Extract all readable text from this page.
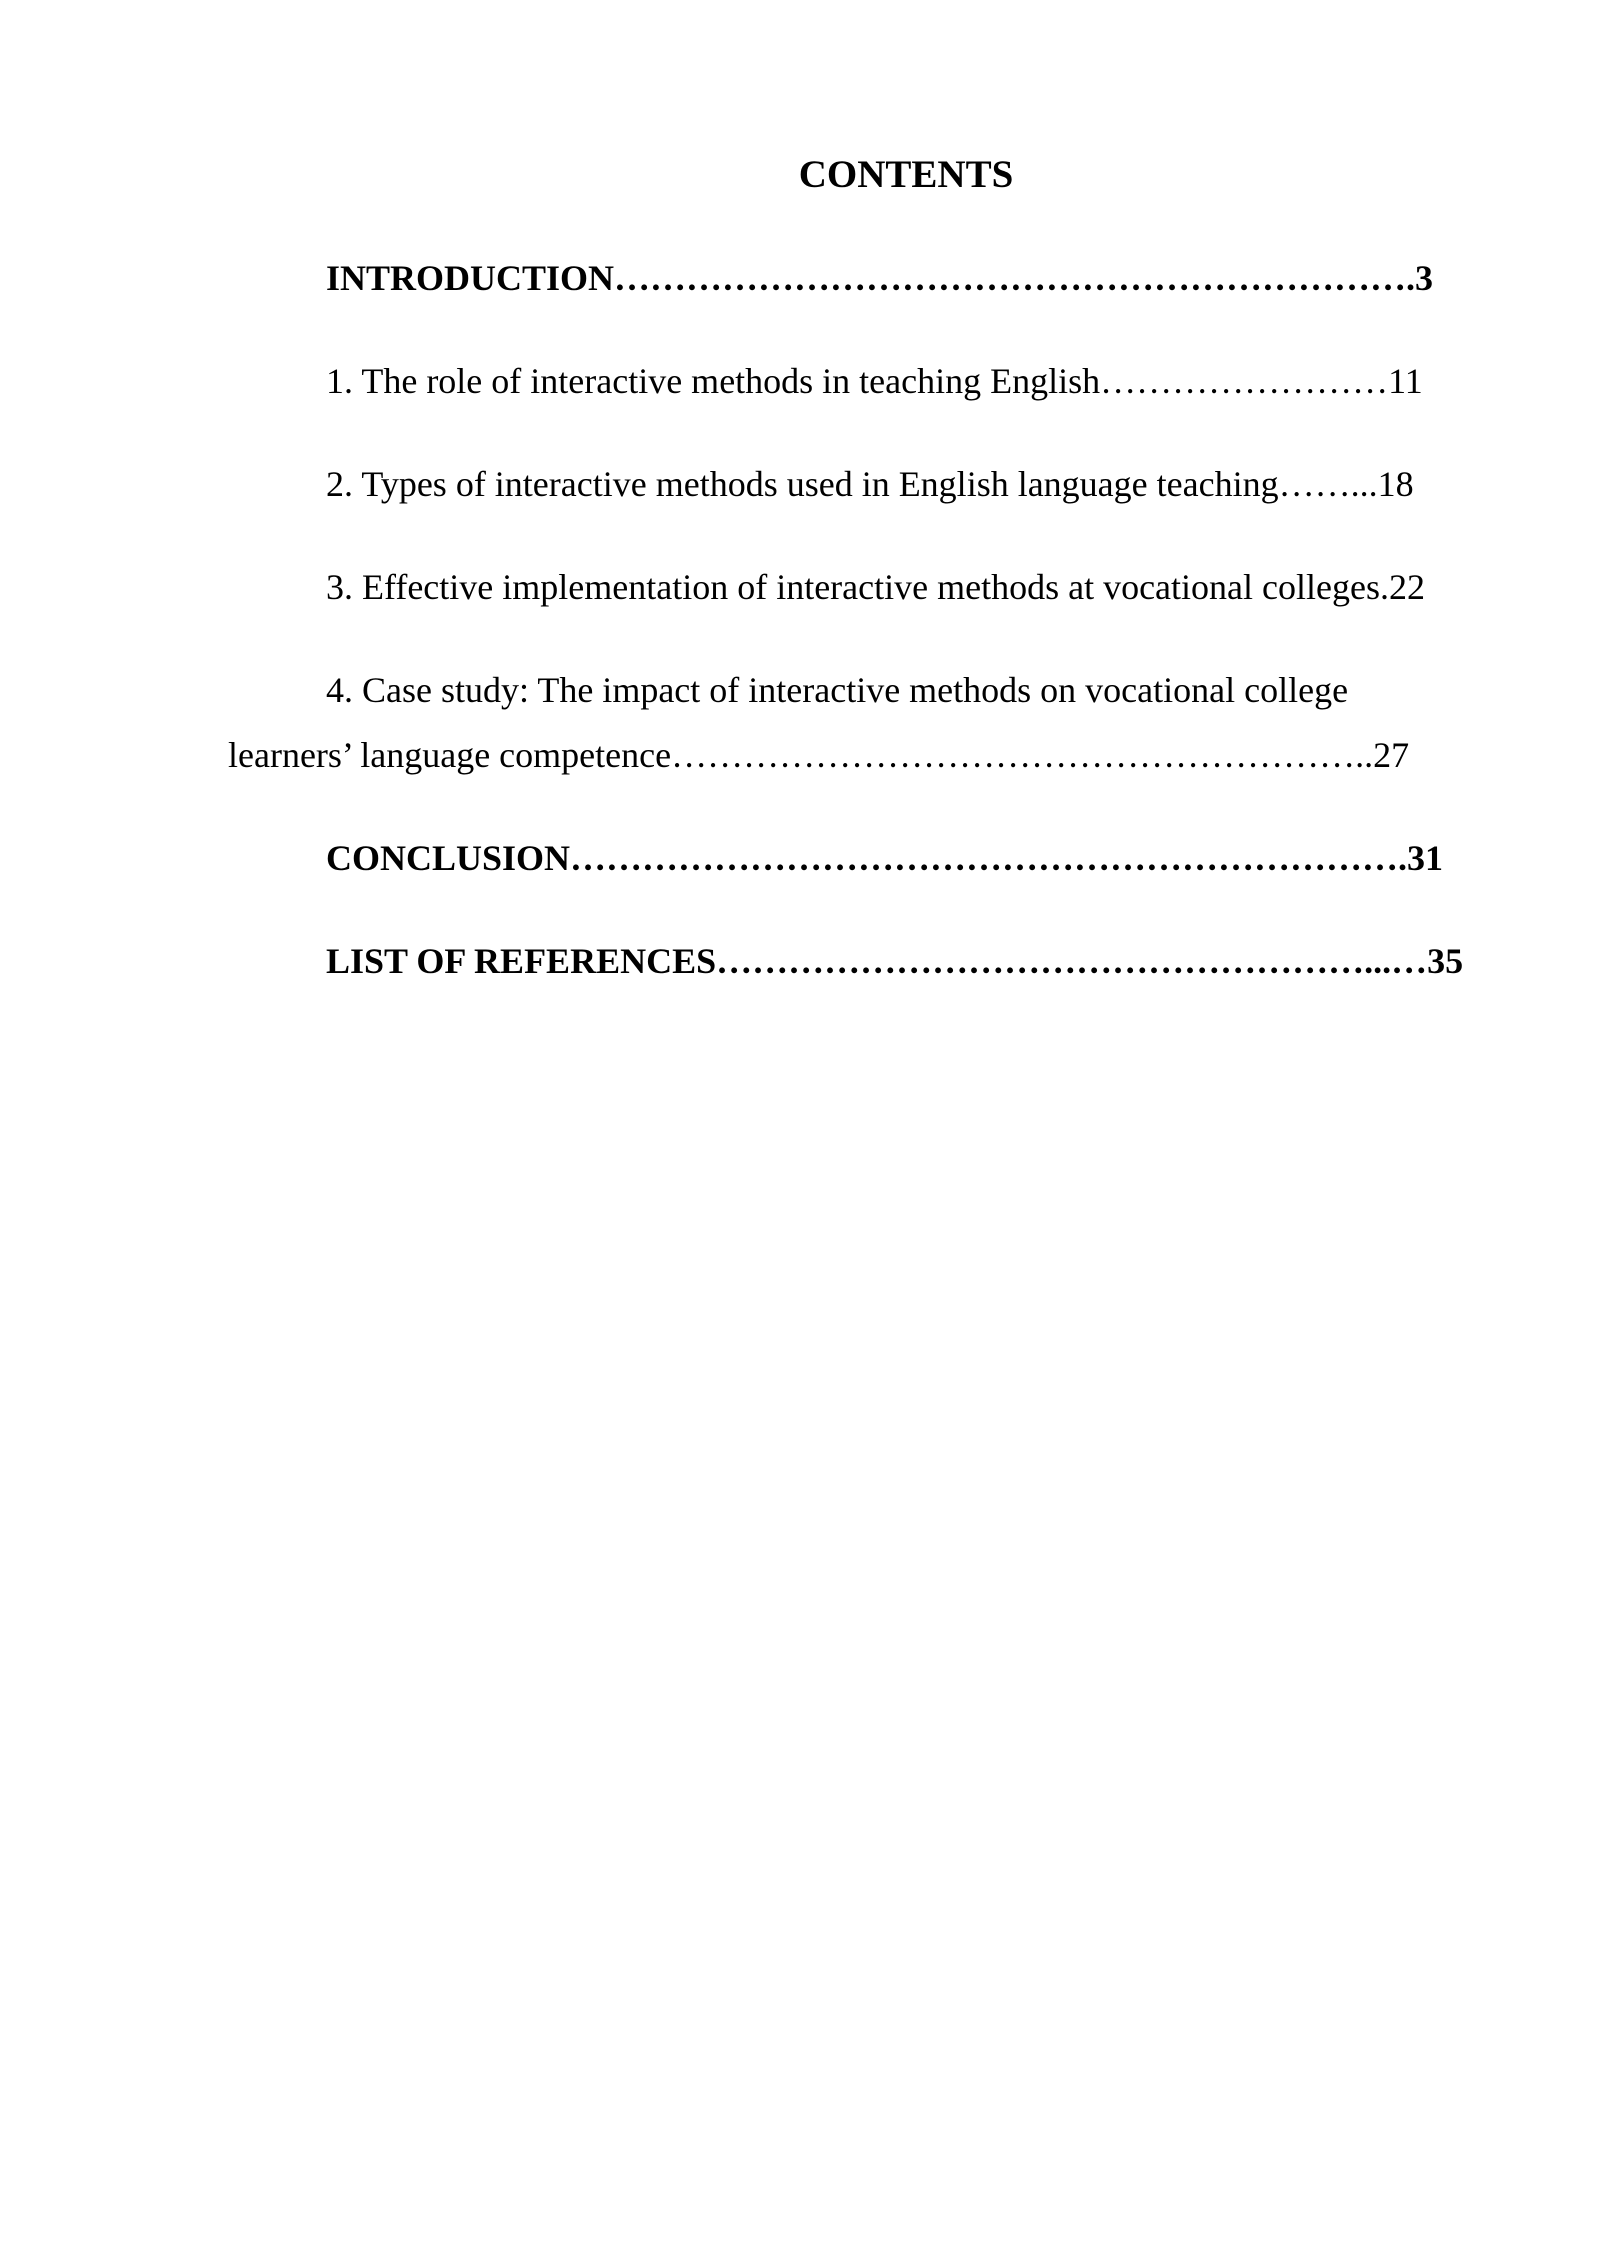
CONTENTS
INTRODUCTION………………………………………………………….3
1. The role of interactive methods in teaching English……………………11
2. Types of interactive methods used in English language teaching……...18
3. Effective implementation of interactive methods at vocational colleges.22
4. Case study: The impact of interactive methods on vocational college
learners’ language competence…………………………………………………..27
CONCLUSION…………………………………………………………….31
LIST OF REFERENCES………………………………………………...…35
